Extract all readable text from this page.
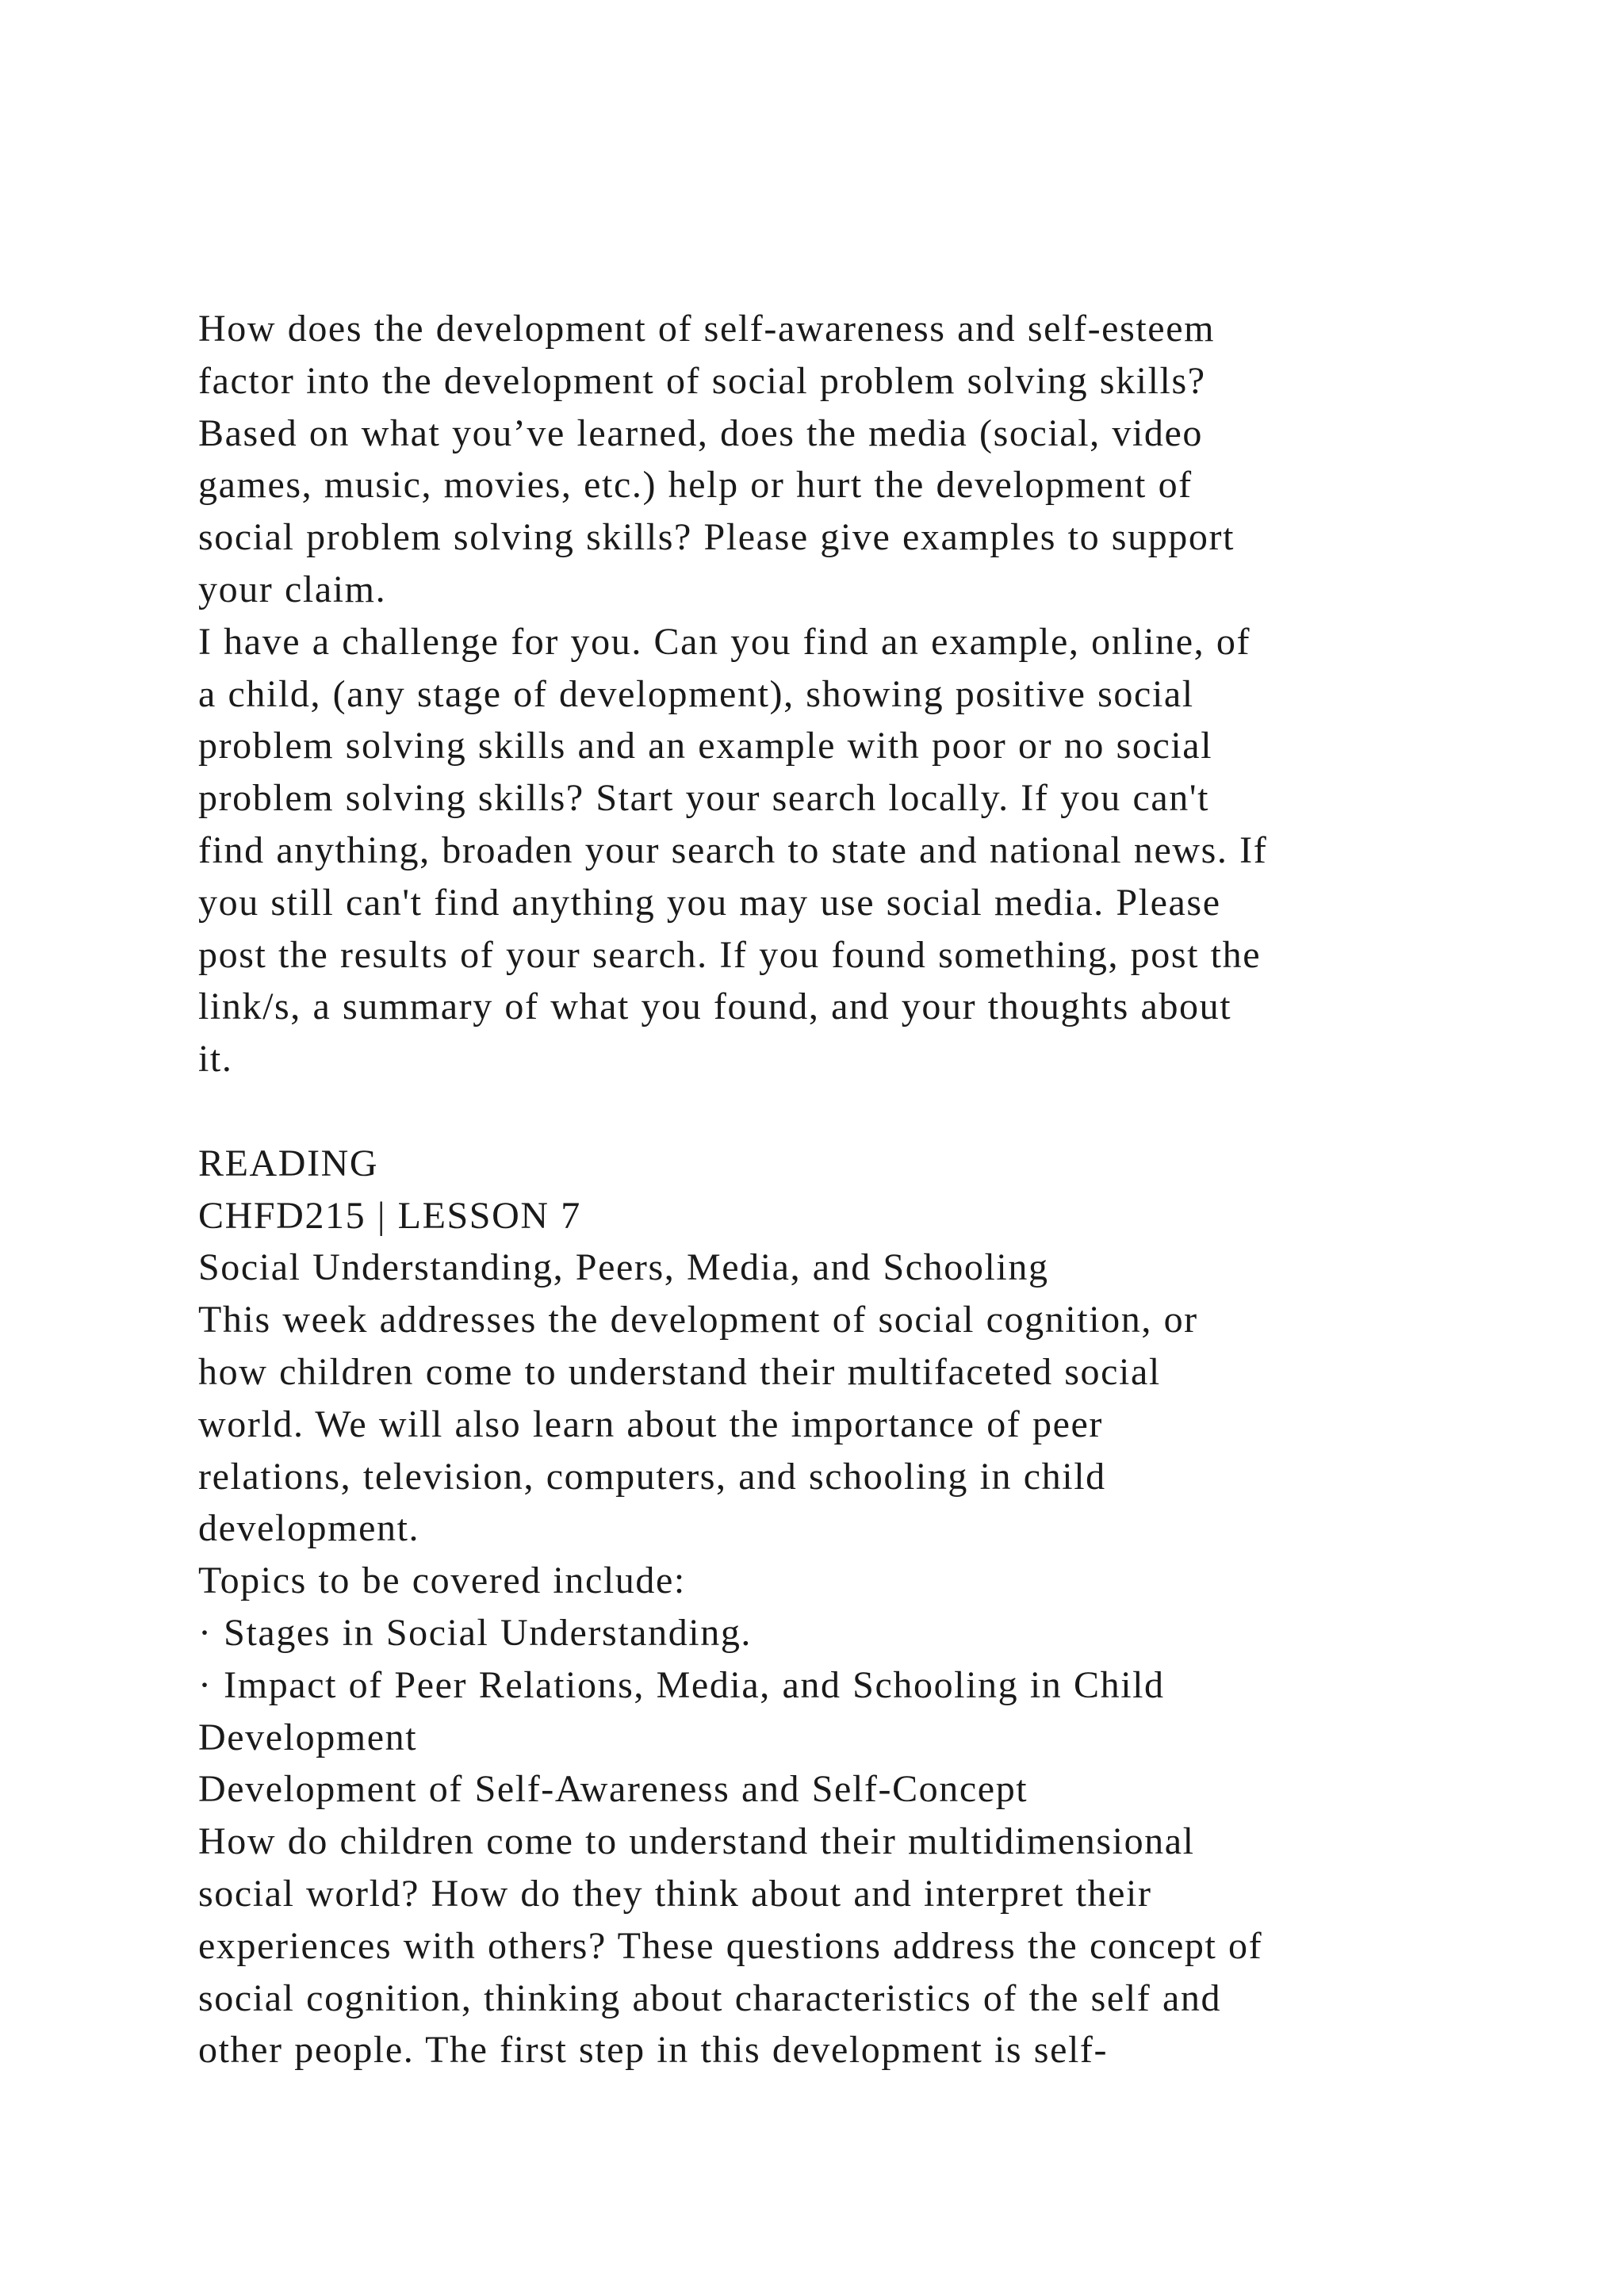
How does the development of self-awareness and self-esteem
factor into the development of social problem solving skills?
Based on what you’ve learned, does the media (social, video
games, music, movies, etc.) help or hurt the development of
social problem solving skills? Please give examples to support
your claim.
I have a challenge for you. Can you find an example, online, of
a child, (any stage of development), showing positive social
problem solving skills and an example with poor or no social
problem solving skills? Start your search locally. If you can't
find anything, broaden your search to state and national news. If
you still can't find anything you may use social media. Please
post the results of your search. If you found something, post the
link/s, a summary of what you found, and your thoughts about
it.
READING
CHFD215 | LESSON 7
Social Understanding, Peers, Media, and Schooling
This week addresses the development of social cognition, or
how children come to understand their multifaceted social
world. We will also learn about the importance of peer
relations, television, computers, and schooling in child
development.
Topics to be covered include:
· Stages in Social Understanding.
· Impact of Peer Relations, Media, and Schooling in Child
Development
Development of Self-Awareness and Self-Concept
How do children come to understand their multidimensional
social world? How do they think about and interpret their
experiences with others? These questions address the concept of
social cognition, thinking about characteristics of the self and
other people. The first step in this development is self-
